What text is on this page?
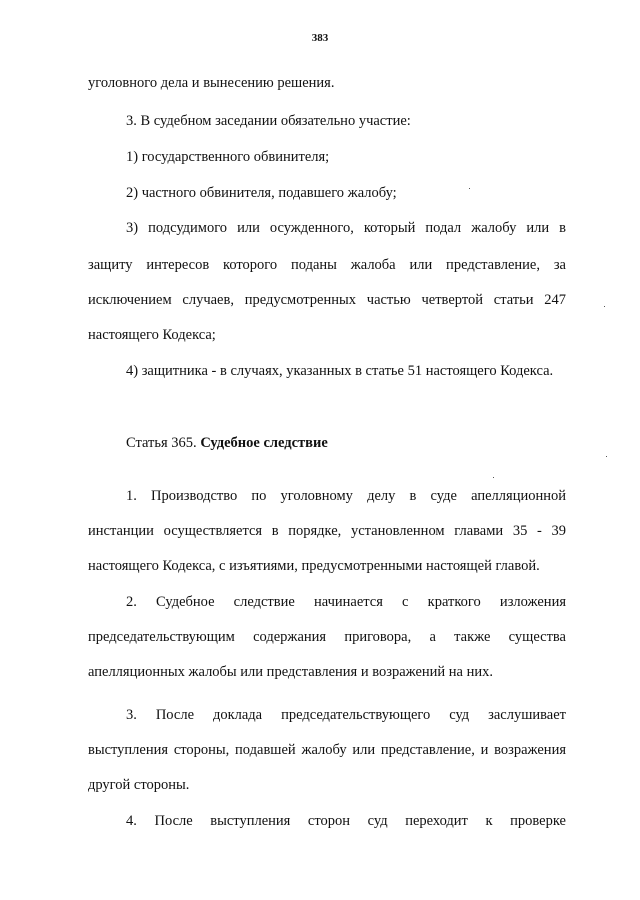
383
уголовного дела и вынесению решения.
3. В судебном заседании обязательно участие:
1) государственного обвинителя;
2) частного обвинителя, подавшего жалобу;
3) подсудимого или осужденного, который подал жалобу или в
защиту интересов которого поданы жалоба или представление, за
исключением случаев, предусмотренных частью четвертой статьи 247
настоящего Кодекса;
4) защитника - в случаях, указанных в статье 51 настоящего Кодекса.
Статья 365. Судебное следствие
1. Производство по уголовному делу в суде апелляционной
инстанции осуществляется в порядке, установленном главами 35 - 39
настоящего Кодекса, с изъятиями, предусмотренными настоящей главой.
2. Судебное следствие начинается с краткого изложения
председательствующим содержания приговора, а также существа
апелляционных жалобы или представления и возражений на них.
3. После доклада председательствующего суд заслушивает
выступления стороны, подавшей жалобу или представление, и возражения
другой стороны.
4. После выступления сторон суд переходит к проверке
